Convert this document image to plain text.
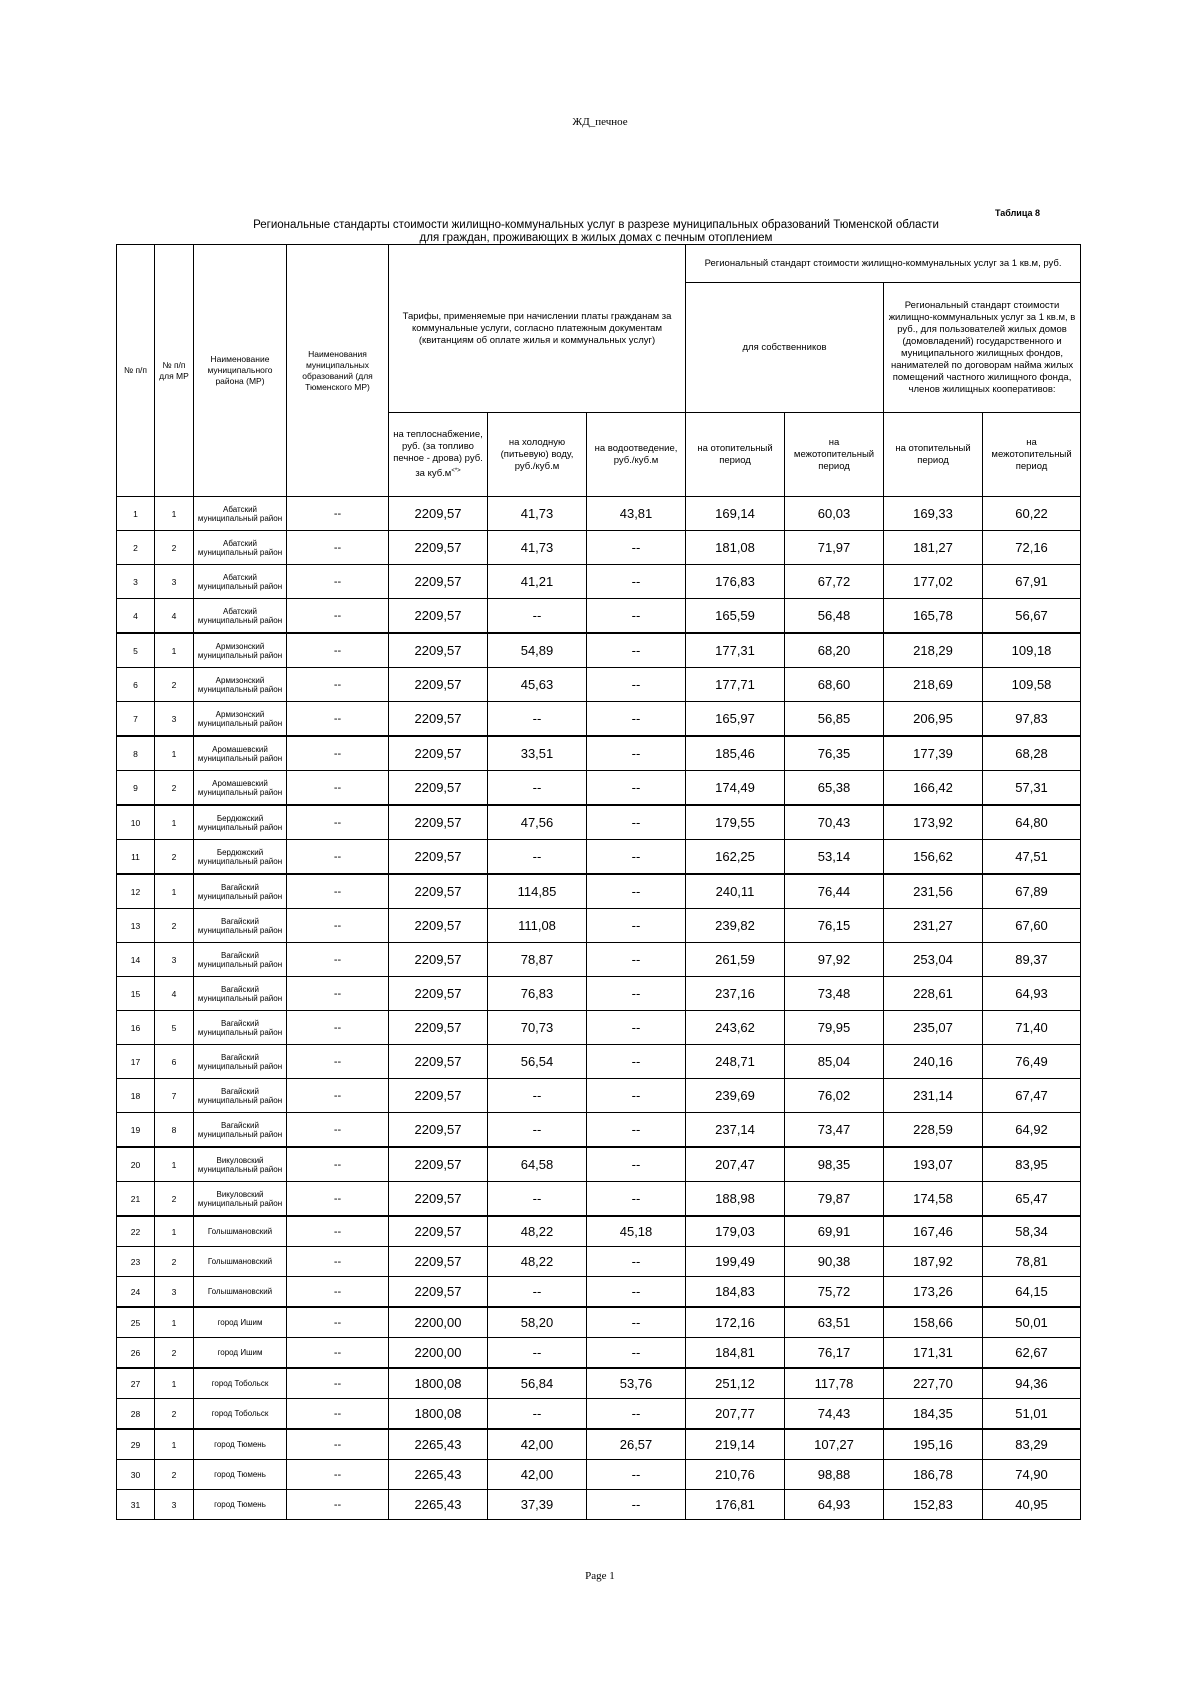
ЖД_печное
Таблица 8
Региональные стандарты стоимости жилищно-коммунальных услуг в разрезе муниципальных образований Тюменской области
для граждан, проживающих в жилых домах с печным отоплением
№ п/п	№ п/п для МР	Наименование муниципального района (МР)	Наименования муниципальных образований (для Тюменского МР)	Тарифы, применяемые при начислении платы гражданам за коммунальные услуги, согласно платежным документам (квитанциям об оплате жилья и коммунальных услуг)			Региональный стандарт стоимости жилищно-коммунальных услуг за 1 кв.м, руб.			
							для собственников		Региональный стандарт стоимости жилищно-коммунальных услуг за 1 кв.м, в руб., для пользователей жилых домов (домовладений) государственного и муниципального жилищных фондов, нанимателей по договорам найма жилых помещений частного жилищного фонда, членов жилищных кооперативов:	
				на теплоснабжение, руб. (за топливо печное - дрова) руб. за куб.м<*>	на холодную (питьевую) воду, руб./куб.м	на водоотведение, руб./куб.м	на отопительный период	на межотопительный период	на отопительный период	на межотопительный период
1	1	Абатский муниципальный район	--	2209,57	41,73	43,81	169,14	60,03	169,33	60,22
2	2	Абатский муниципальный район	--	2209,57	41,73	--	181,08	71,97	181,27	72,16
3	3	Абатский муниципальный район	--	2209,57	41,21	--	176,83	67,72	177,02	67,91
4	4	Абатский муниципальный район	--	2209,57	--	--	165,59	56,48	165,78	56,67
5	1	Армизонский муниципальный район	--	2209,57	54,89	--	177,31	68,20	218,29	109,18
6	2	Армизонский муниципальный район	--	2209,57	45,63	--	177,71	68,60	218,69	109,58
7	3	Армизонский муниципальный район	--	2209,57	--	--	165,97	56,85	206,95	97,83
8	1	Аромашевский муниципальный район	--	2209,57	33,51	--	185,46	76,35	177,39	68,28
9	2	Аромашевский муниципальный район	--	2209,57	--	--	174,49	65,38	166,42	57,31
10	1	Бердюжский муниципальный район	--	2209,57	47,56	--	179,55	70,43	173,92	64,80
11	2	Бердюжский муниципальный район	--	2209,57	--	--	162,25	53,14	156,62	47,51
12	1	Вагайский муниципальный район	--	2209,57	114,85	--	240,11	76,44	231,56	67,89
13	2	Вагайский муниципальный район	--	2209,57	111,08	--	239,82	76,15	231,27	67,60
14	3	Вагайский муниципальный район	--	2209,57	78,87	--	261,59	97,92	253,04	89,37
15	4	Вагайский муниципальный район	--	2209,57	76,83	--	237,16	73,48	228,61	64,93
16	5	Вагайский муниципальный район	--	2209,57	70,73	--	243,62	79,95	235,07	71,40
17	6	Вагайский муниципальный район	--	2209,57	56,54	--	248,71	85,04	240,16	76,49
18	7	Вагайский муниципальный район	--	2209,57	--	--	239,69	76,02	231,14	67,47
19	8	Вагайский муниципальный район	--	2209,57	--	--	237,14	73,47	228,59	64,92
20	1	Викуловский муниципальный район	--	2209,57	64,58	--	207,47	98,35	193,07	83,95
21	2	Викуловский муниципальный район	--	2209,57	--	--	188,98	79,87	174,58	65,47
22	1	Голышмановский	--	2209,57	48,22	45,18	179,03	69,91	167,46	58,34
23	2	Голышмановский	--	2209,57	48,22	--	199,49	90,38	187,92	78,81
24	3	Голышмановский	--	2209,57	--	--	184,83	75,72	173,26	64,15
25	1	город Ишим	--	2200,00	58,20	--	172,16	63,51	158,66	50,01
26	2	город Ишим	--	2200,00	--	--	184,81	76,17	171,31	62,67
27	1	город Тобольск	--	1800,08	56,84	53,76	251,12	117,78	227,70	94,36
28	2	город Тобольск	--	1800,08	--	--	207,77	74,43	184,35	51,01
29	1	город Тюмень	--	2265,43	42,00	26,57	219,14	107,27	195,16	83,29
30	2	город Тюмень	--	2265,43	42,00	--	210,76	98,88	186,78	74,90
31	3	город Тюмень	--	2265,43	37,39	--	176,81	64,93	152,83	40,95
Page 1
